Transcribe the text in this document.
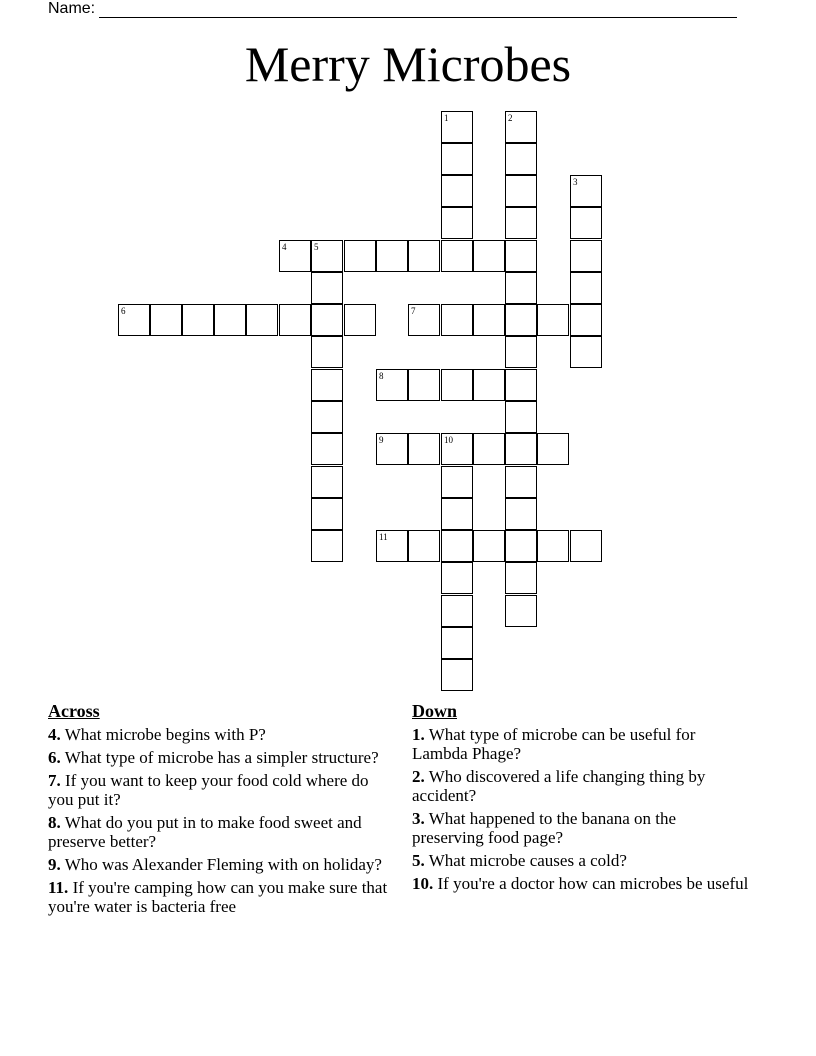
Name:
Merry Microbes
1	2
3
4	5
6	7
8
9	10
11
Across
4. What microbe begins with P?
6. What type of microbe has a simpler structure?
7. If you want to keep your food cold where do you put it?
8. What do you put in to make food sweet and preserve better?
9. Who was Alexander Fleming with on holiday?
11. If you're camping how can you make sure that you're water is bacteria free
Down
1. What type of microbe can be useful for Lambda Phage?
2. Who discovered a life changing thing by accident?
3. What happened to the banana on the preserving food page?
5. What microbe causes a cold?
10. If you're a doctor how can microbes be useful
